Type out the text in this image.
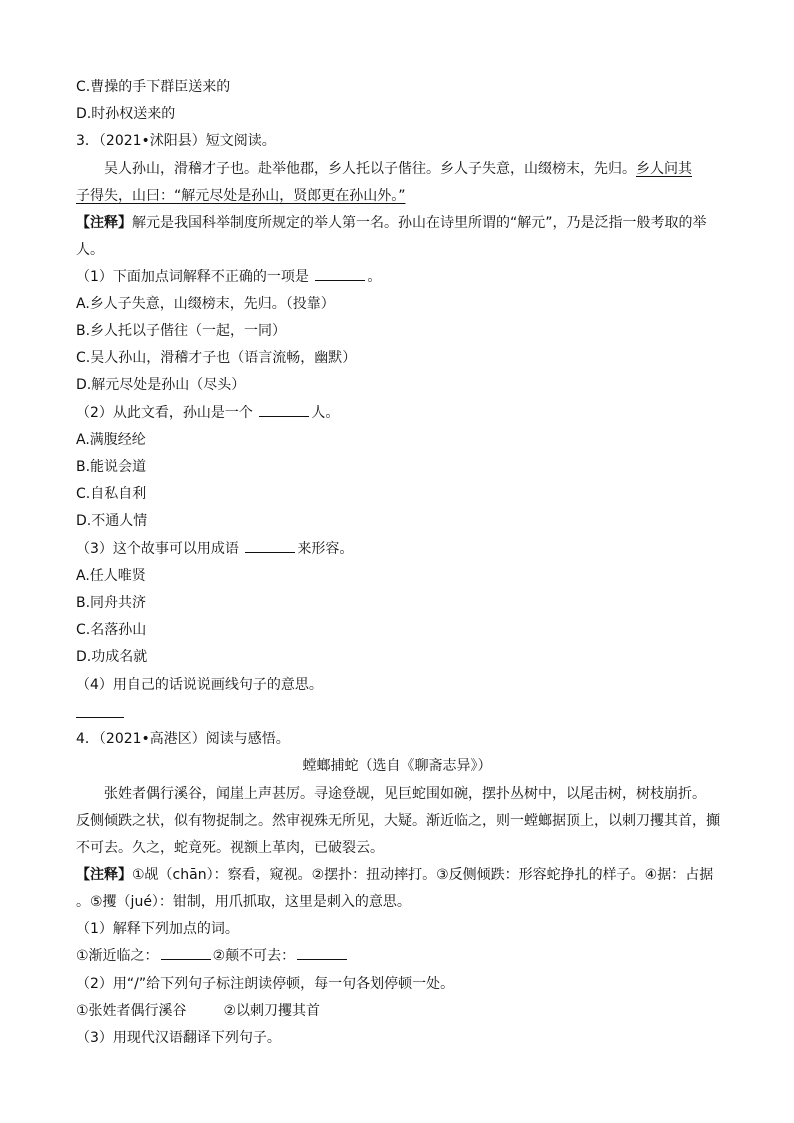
C.曹操的手下群臣送来的
D.时孙权送来的
3．（2021•沭阳县）短文阅读。
吴人孙山，滑稽才子也。赴举他郡，乡人托以子偕往。乡人子失意，山缀榜末，先归。乡人问其
子得失，山曰：“解元尽处是孙山，贤郎更在孙山外。”
【注释】解元是我国科举制度所规定的举人第一名。孙山在诗里所谓的“解元”，乃是泛指一般考取的举
人。
（1）下面加点词解释不正确的一项是	。
A.乡人子失意，山缀榜末，先归。（投靠）
B.乡人托以子偕往（一起，一同）
C.吴人孙山，滑稽才子也（语言流畅，幽默）
D.解元尽处是孙山（尽头）
（2）从此文看，孙山是一个	人。
A.满腹经纶
B.能说会道
C.自私自利
D.不通人情
（3）这个故事可以用成语	来形容。
A.任人唯贤
B.同舟共济
C.名落孙山
D.功成名就
（4）用自己的话说说画线句子的意思。
4．（2021•高港区）阅读与感悟。
螳螂捕蛇（选自《聊斋志异》）
张姓者偶行溪谷，闻崖上声甚厉。寻途登觇，见巨蛇围如碗，摆扑丛树中，以尾击树，树枝崩折。
反侧倾跌之状，似有物捉制之。然审视殊无所见，大疑。渐近临之，则一螳螂据顶上，以刺刀攫其首，攧
不可去。久之，蛇竟死。视额上革肉，已破裂云。
【注释】①觇（chān）：察看，窥视。②摆扑：扭动摔打。③反侧倾跌：形容蛇挣扎的样子。④据：占据
。⑤攫（jué）：钳制，用爪抓取，这里是刺入的意思。
（1）解释下列加点的词。
①渐近临之：	②颠不可去：
（2）用“/”给下列句子标注朗读停顿，每一句各划停顿一处。
①张姓者偶行溪谷	②以刺刀攫其首
（3）用现代汉语翻译下列句子。
